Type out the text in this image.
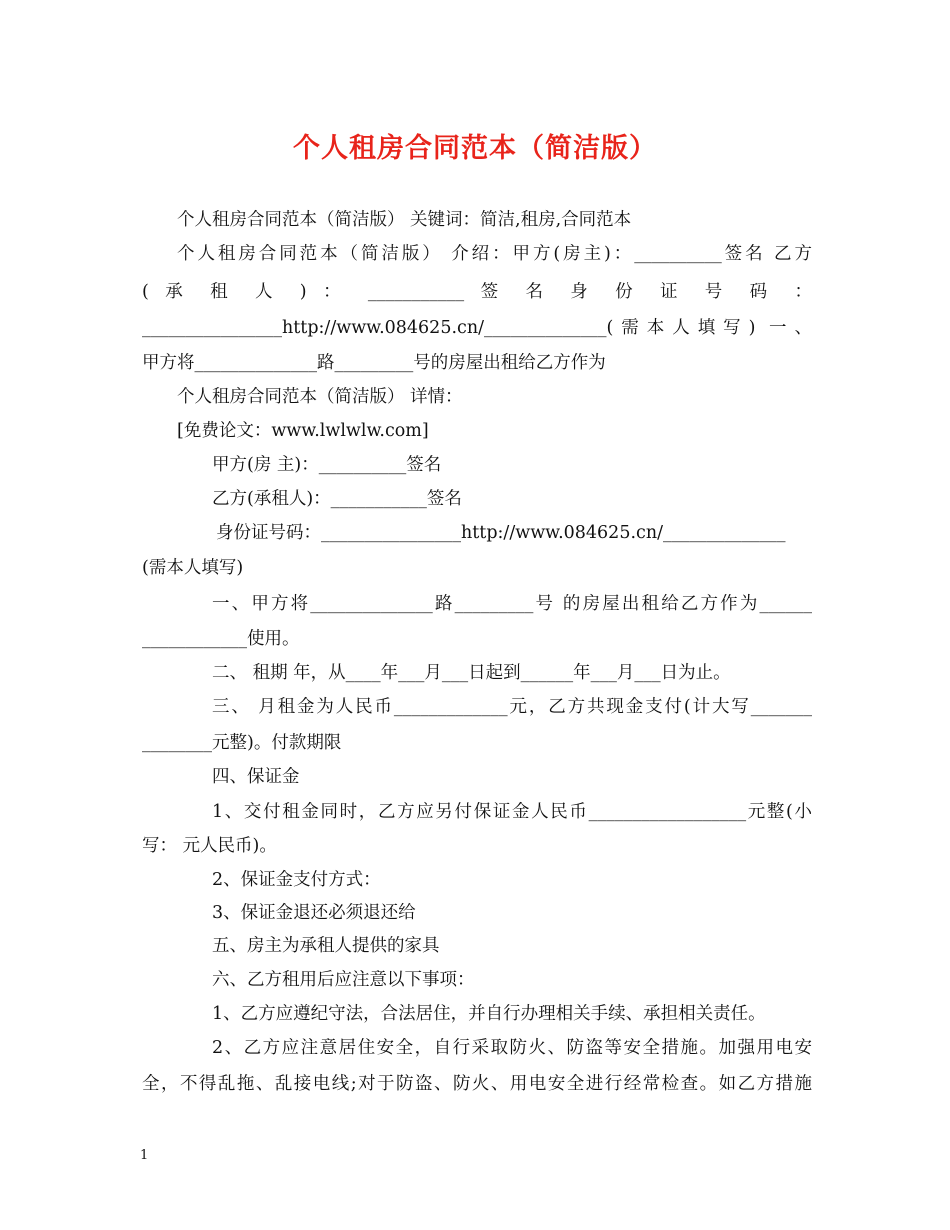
个人租房合同范本（简洁版）
个人租房合同范本（简洁版） 关键词：简洁,租房,合同范本
个人租房合同范本（简洁版） 介绍：甲方(房主)：__________签名 乙方
( 承 租 人 ) ： ___________ 签 名 身 份 证 号 码 ：
________________http://www.084625.cn/______________(需本人填写) 一、
甲方将______________路_________号的房屋出租给乙方作为
个人租房合同范本（简洁版） 详情：
[免费论文：www.lwlwlw.com]
甲方(房 主)：__________签名
乙方(承租人)：___________签名
身份证号码：________________http://www.084625.cn/______________
(需本人填写)
一、甲方将______________路_________号 的房屋出租给乙方作为______
____________使用。
二、 租期 年，从____年___月___日起到______年___月___日为止。
三、 月租金为人民币_____________元，乙方共现金支付(计大写_______
________元整)。付款期限
四、保证金
1、交付租金同时，乙方应另付保证金人民币__________________元整(小
写： 元人民币)。
2、保证金支付方式：
3、保证金退还必须退还给
五、房主为承租人提供的家具
六、乙方租用后应注意以下事项：
1、乙方应遵纪守法，合法居住，并自行办理相关手续、承担相关责任。
2、乙方应注意居住安全，自行采取防火、防盗等安全措施。加强用电安
全，不得乱拖、乱接电线;对于防盗、防火、用电安全进行经常检查。如乙方措施
1
